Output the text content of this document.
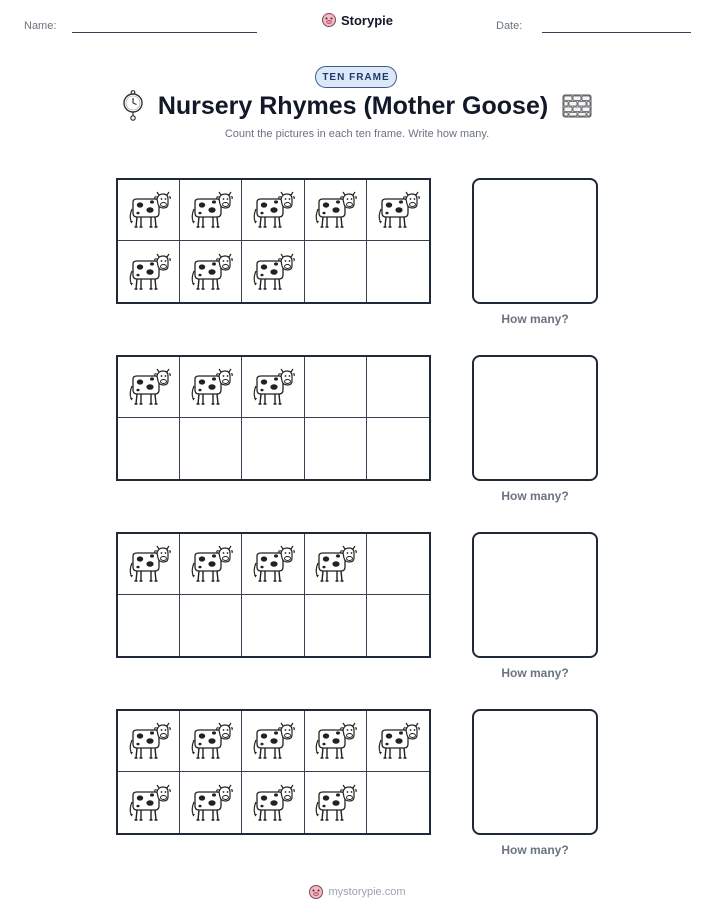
Name:	Storypie	Date:
TEN FRAME
Nursery Rhymes (Mother Goose)
Count the pictures in each ten frame. Write how many.
How many?
How many?
How many?
How many?
mystorypie.com
